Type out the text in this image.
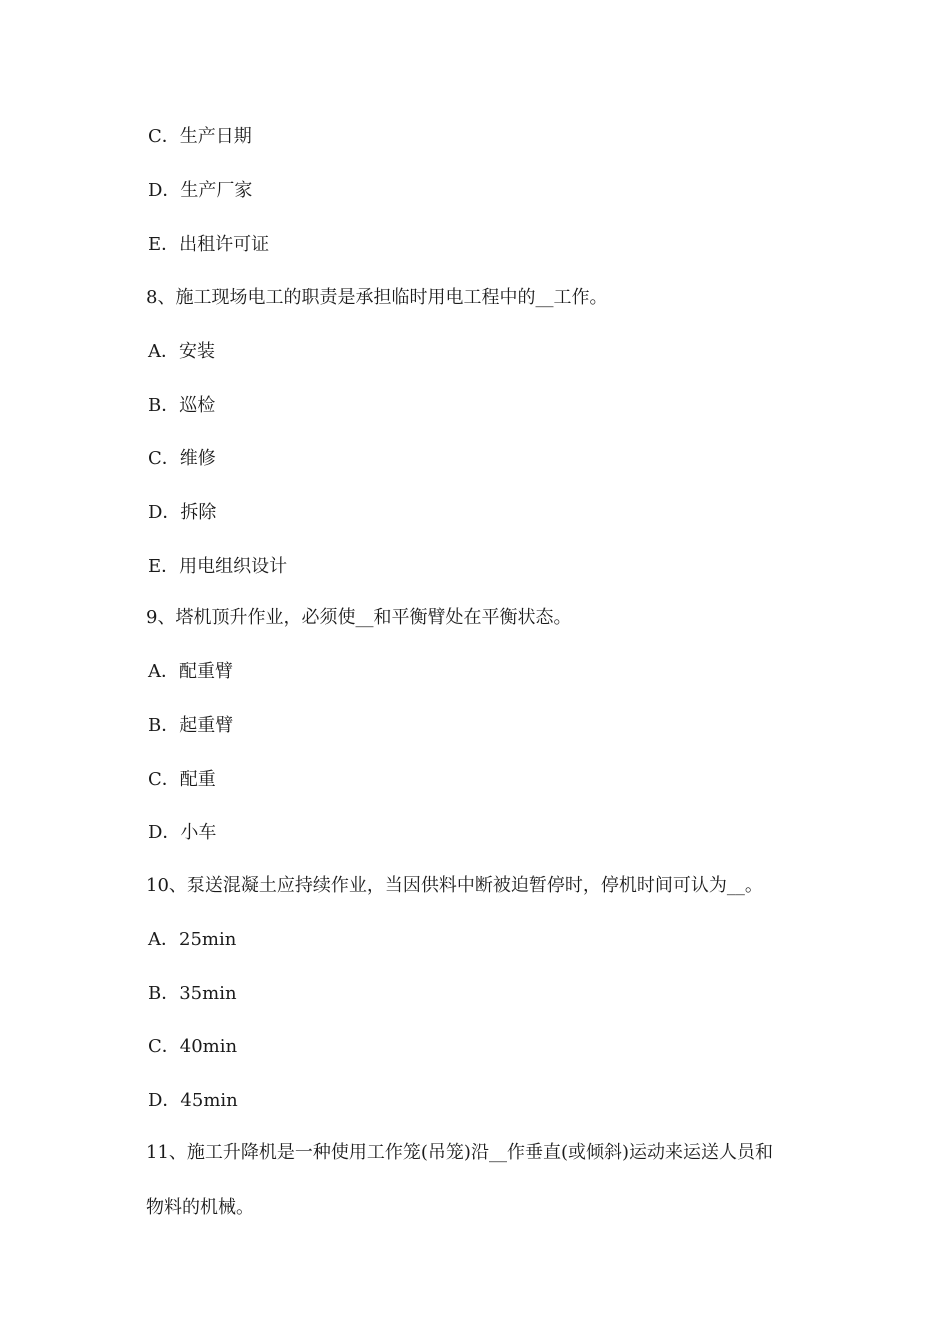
C．生产日期
D．生产厂家
E．出租许可证
8、施工现场电工的职责是承担临时用电工程中的__工作。
A．安装
B．巡检
C．维修
D．拆除
E．用电组织设计
9、塔机顶升作业，必须使__和平衡臂处在平衡状态。
A．配重臂
B．起重臂
C．配重
D．小车
10、泵送混凝土应持续作业，当因供料中断被迫暂停时，停机时间可认为__。
A．25min
B．35min
C．40min
D．45min
11、施工升降机是一种使用工作笼(吊笼)沿__作垂直(或倾斜)运动来运送人员和
物料的机械。
